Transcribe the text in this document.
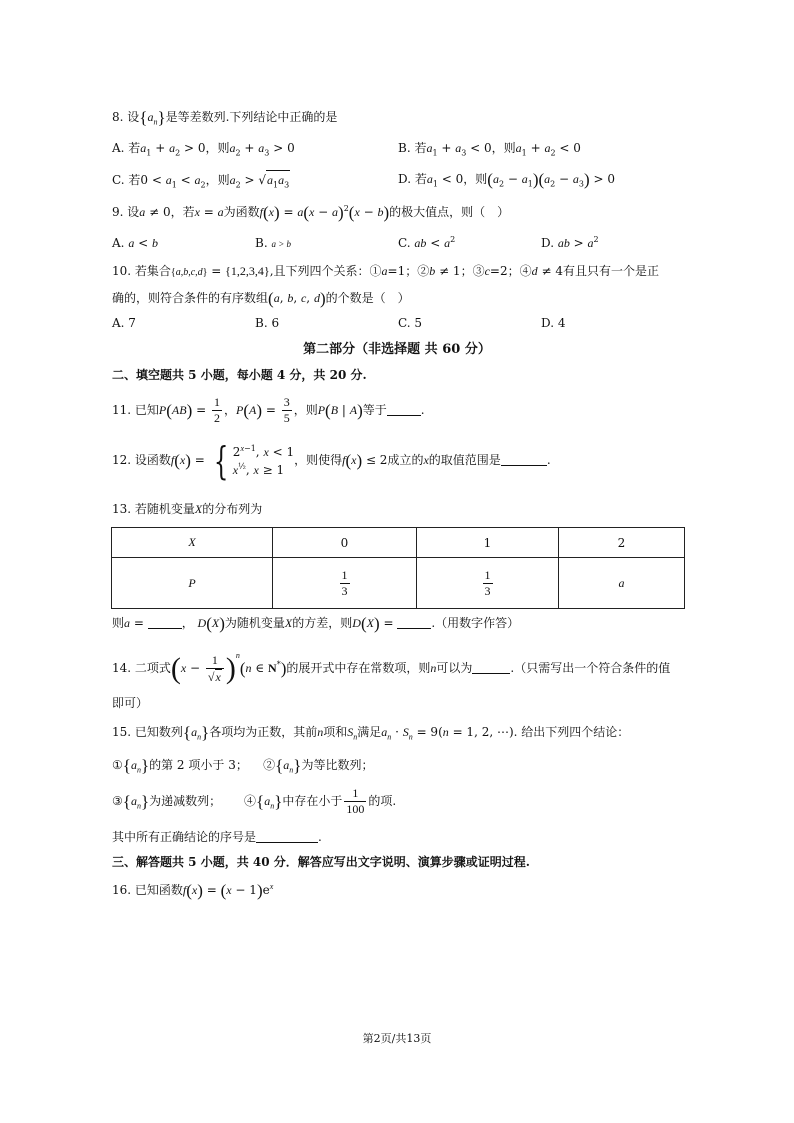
8. 设$\{a_n\}$是等差数列.下列结论中正确的是
A. 若$a_1 + a_2 > 0$，则$a_2 + a_3 > 0$	B. 若$a_1 + a_3 < 0$，则$a_1 + a_2 < 0$
C. 若$0 < a_1 < a_2$，则$a_2 > √a_1a_3$	D. 若$a_1 < 0$，则$(a_2 - a_1)(a_2 - a_3) > 0$
9. 设a ≠ 0，若x = a为函数$f(x) = a(x - a)^2(x - b)$的极大值点，则（　）
A. a < b	B. a > b	C. ab < $a^2$	D. ab > $a^2$
10. 若集合{a,b,c,d} = {1,2,3,4},且下列四个关系：①a=1；②b ≠ 1；③c=2；④d ≠ 4有且只有一个是正
确的，则符合条件的有序数组(a, b, c, d)的个数是（　）
A. 7	B. 6	C. 5	D. 4
第二部分（非选择题 共 60 分）
二、填空题共 5 小题，每小题 4 分，共 20 分.
11. 已知$P(AB) = \frac{1}{2}$ ，$P(A) = \frac{3}{5}$ ，则P(B | A)等于	.
12. 设函数f(x) = { $2^{x-1}$, x < 1
$x^{\frac{1}{2}}$, x ≥ 1
，则使得f(x) ≤ 2成立的x的取值范围是	.
13. 若随机变量X的分布列为
X	0	1	2
P	$\frac{1}{3}$	$\frac{1}{3}$	a
则a =	， D(X)为随机变量X的方差，则D(X) =	.（用数字作答）
14. 二项式$(x - \frac{1}{√x} )^n(n$ ∈ N*)的展开式中存在常数项，则n可以为	.（只需写出一个符合条件的值
即可）
15. 已知数列$\{a_n\}$各项均为正数，其前n项和$S_n$满足$a_n \cdot S_n = 9(n = 1$, 2, ⋯). 给出下列四个结论：
$①\{a_n\}$的第 2 项小于 3； $②\{a_n\}$为等比数列；
$③\{a_n\}$为递减数列； $④\{a_n\}$中存在小于 $\frac{1}{100}$ 的项.
其中所有正确结论的序号是	.
三、解答题共 5 小题，共 40 分．解答应写出文字说明、演算步骤或证明过程.
16. 已知函数$f(x) = (x - 1)e^x$
第2页/共13页
